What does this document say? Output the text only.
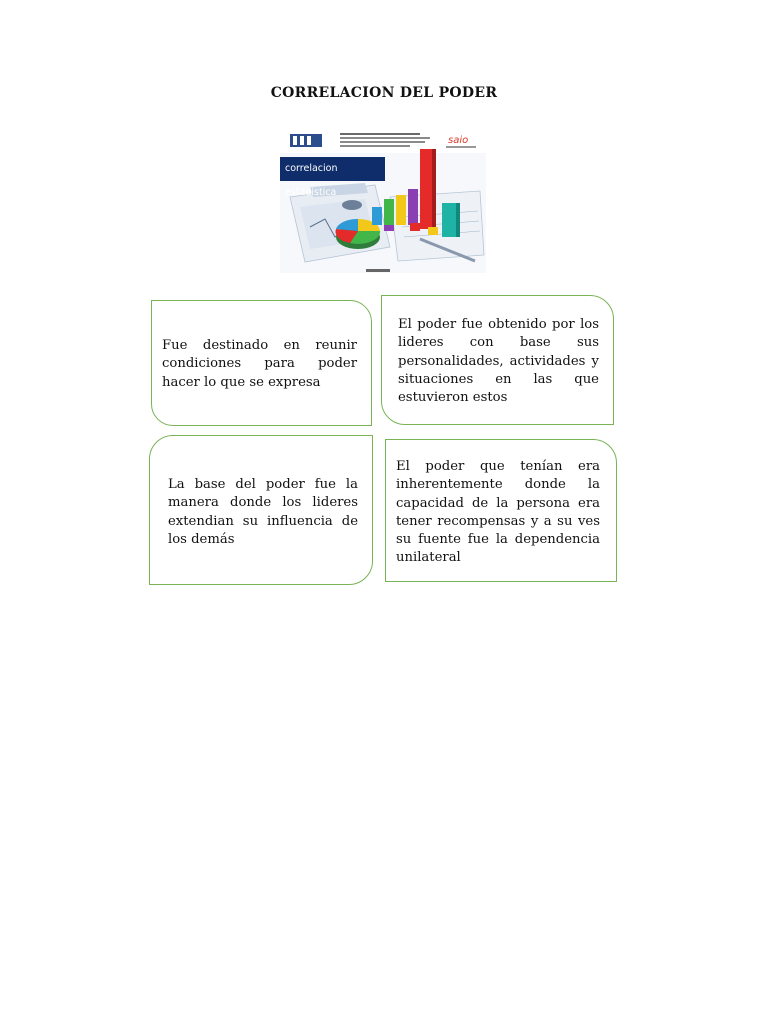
CORRELACION DEL PODER
saio
correlacion estadistica

Fue destinado en reunir condiciones para poder hacer lo que se expresa

El poder fue obtenido por los lideres con base sus personalidades, actividades y situaciones en las que estuvieron estos

La base del poder fue la manera donde los lideres extendian su influencia de los demás

El poder que tenían era inherentemente donde la capacidad de la persona era tener recompensas y a su ves su fuente fue la dependencia unilateral
